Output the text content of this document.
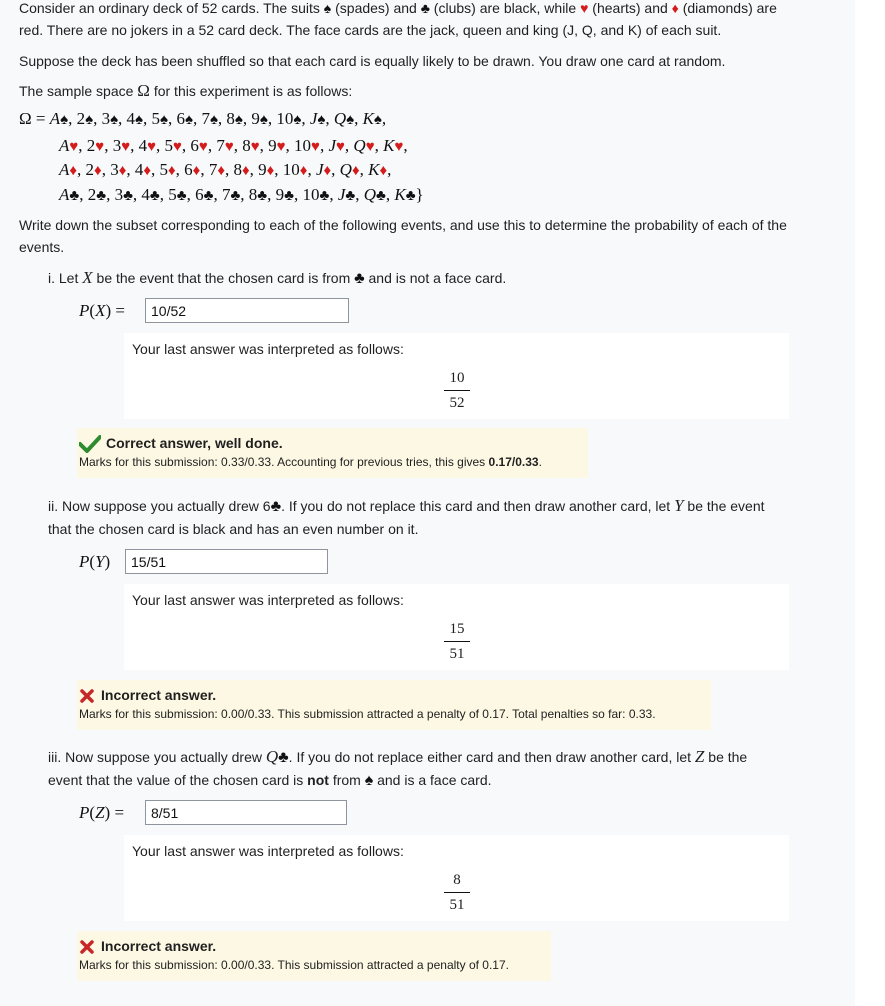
Consider an ordinary deck of 52 cards. The suits ♠ (spades) and ♣ (clubs) are black, while ♥ (hearts) and ♦ (diamonds) are
red. There are no jokers in a 52 card deck. The face cards are the jack, queen and king (J, Q, and K) of each suit.

Suppose the deck has been shuffled so that each card is equally likely to be drawn. You draw one card at random.

The sample space Ω for this experiment is as follows:

Ω = A♠, 2♠, 3♠, 4♠, 5♠, 6♠, 7♠, 8♠, 9♠, 10♠, J♠, Q♠, K♠,
A♥, 2♥, 3♥, 4♥, 5♥, 6♥, 7♥, 8♥, 9♥, 10♥, J♥, Q♥, K♥,
A♦, 2♦, 3♦, 4♦, 5♦, 6♦, 7♦, 8♦, 9♦, 10♦, J♦, Q♦, K♦,
A♣, 2♣, 3♣, 4♣, 5♣, 6♣, 7♣, 8♣, 9♣, 10♣, J♣, Q♣, K♣}

Write down the subset corresponding to each of the following events, and use this to determine the probability of each of the events.

i. Let X be the event that the chosen card is from ♣ and is not a face card.
P(X) =
10/52
Your last answer was interpreted as follows:
10
52
Correct answer, well done.
Marks for this submission: 0.33/0.33. Accounting for previous tries, this gives 0.17/0.33.
ii. Now suppose you actually drew 6♣. If you do not replace this card and then draw another card, let Y be the event
that the chosen card is black and has an even number on it.
P(Y)
15/51
Your last answer was interpreted as follows:
15
51
Incorrect answer.
Marks for this submission: 0.00/0.33. This submission attracted a penalty of 0.17. Total penalties so far: 0.33.
iii. Now suppose you actually drew Q♣. If you do not replace either card and then draw another card, let Z be the
event that the value of the chosen card is not from ♠ and is a face card.
P(Z) =
8/51
Your last answer was interpreted as follows:
8
51
Incorrect answer.
Marks for this submission: 0.00/0.33. This submission attracted a penalty of 0.17.
